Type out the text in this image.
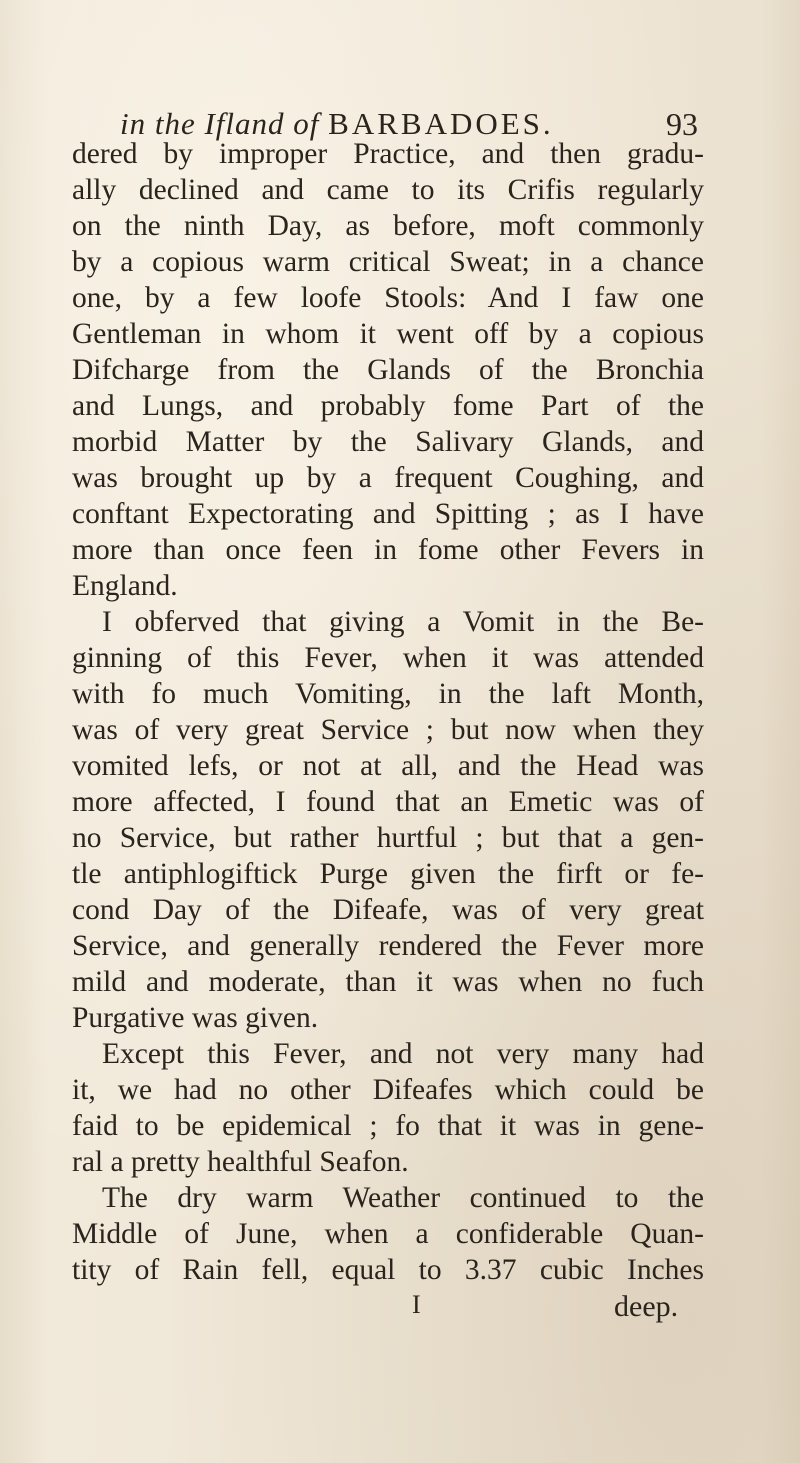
in the Ifland of BARBADOES.	93
dered by improper Practice, and then gradu-
ally declined and came to its Crifis regularly
on the ninth Day, as before, moft commonly
by a copious warm critical Sweat; in a chance
one, by a few loofe Stools: And I faw one
Gentleman in whom it went off by a copious
Difcharge from the Glands of the Bronchia
and Lungs, and probably fome Part of the
morbid Matter by the Salivary Glands, and
was brought up by a frequent Coughing, and
conftant Expectorating and Spitting ; as I have
more than once feen in fome other Fevers in
England.
I obferved that giving a Vomit in the Be-
ginning of this Fever, when it was attended
with fo much Vomiting, in the laft Month,
was of very great Service ; but now when they
vomited lefs, or not at all, and the Head was
more affected, I found that an Emetic was of
no Service, but rather hurtful ; but that a gen-
tle antiphlogiftick Purge given the firft or fe-
cond Day of the Difeafe, was of very great
Service, and generally rendered the Fever more
mild and moderate, than it was when no fuch
Purgative was given.
Except this Fever, and not very many had
it, we had no other Difeafes which could be
faid to be epidemical ; fo that it was in gene-
ral a pretty healthful Seafon.
The dry warm Weather continued to the
Middle of June, when a confiderable Quan-
tity of Rain fell, equal to 3.37 cubic Inches
I	deep.
